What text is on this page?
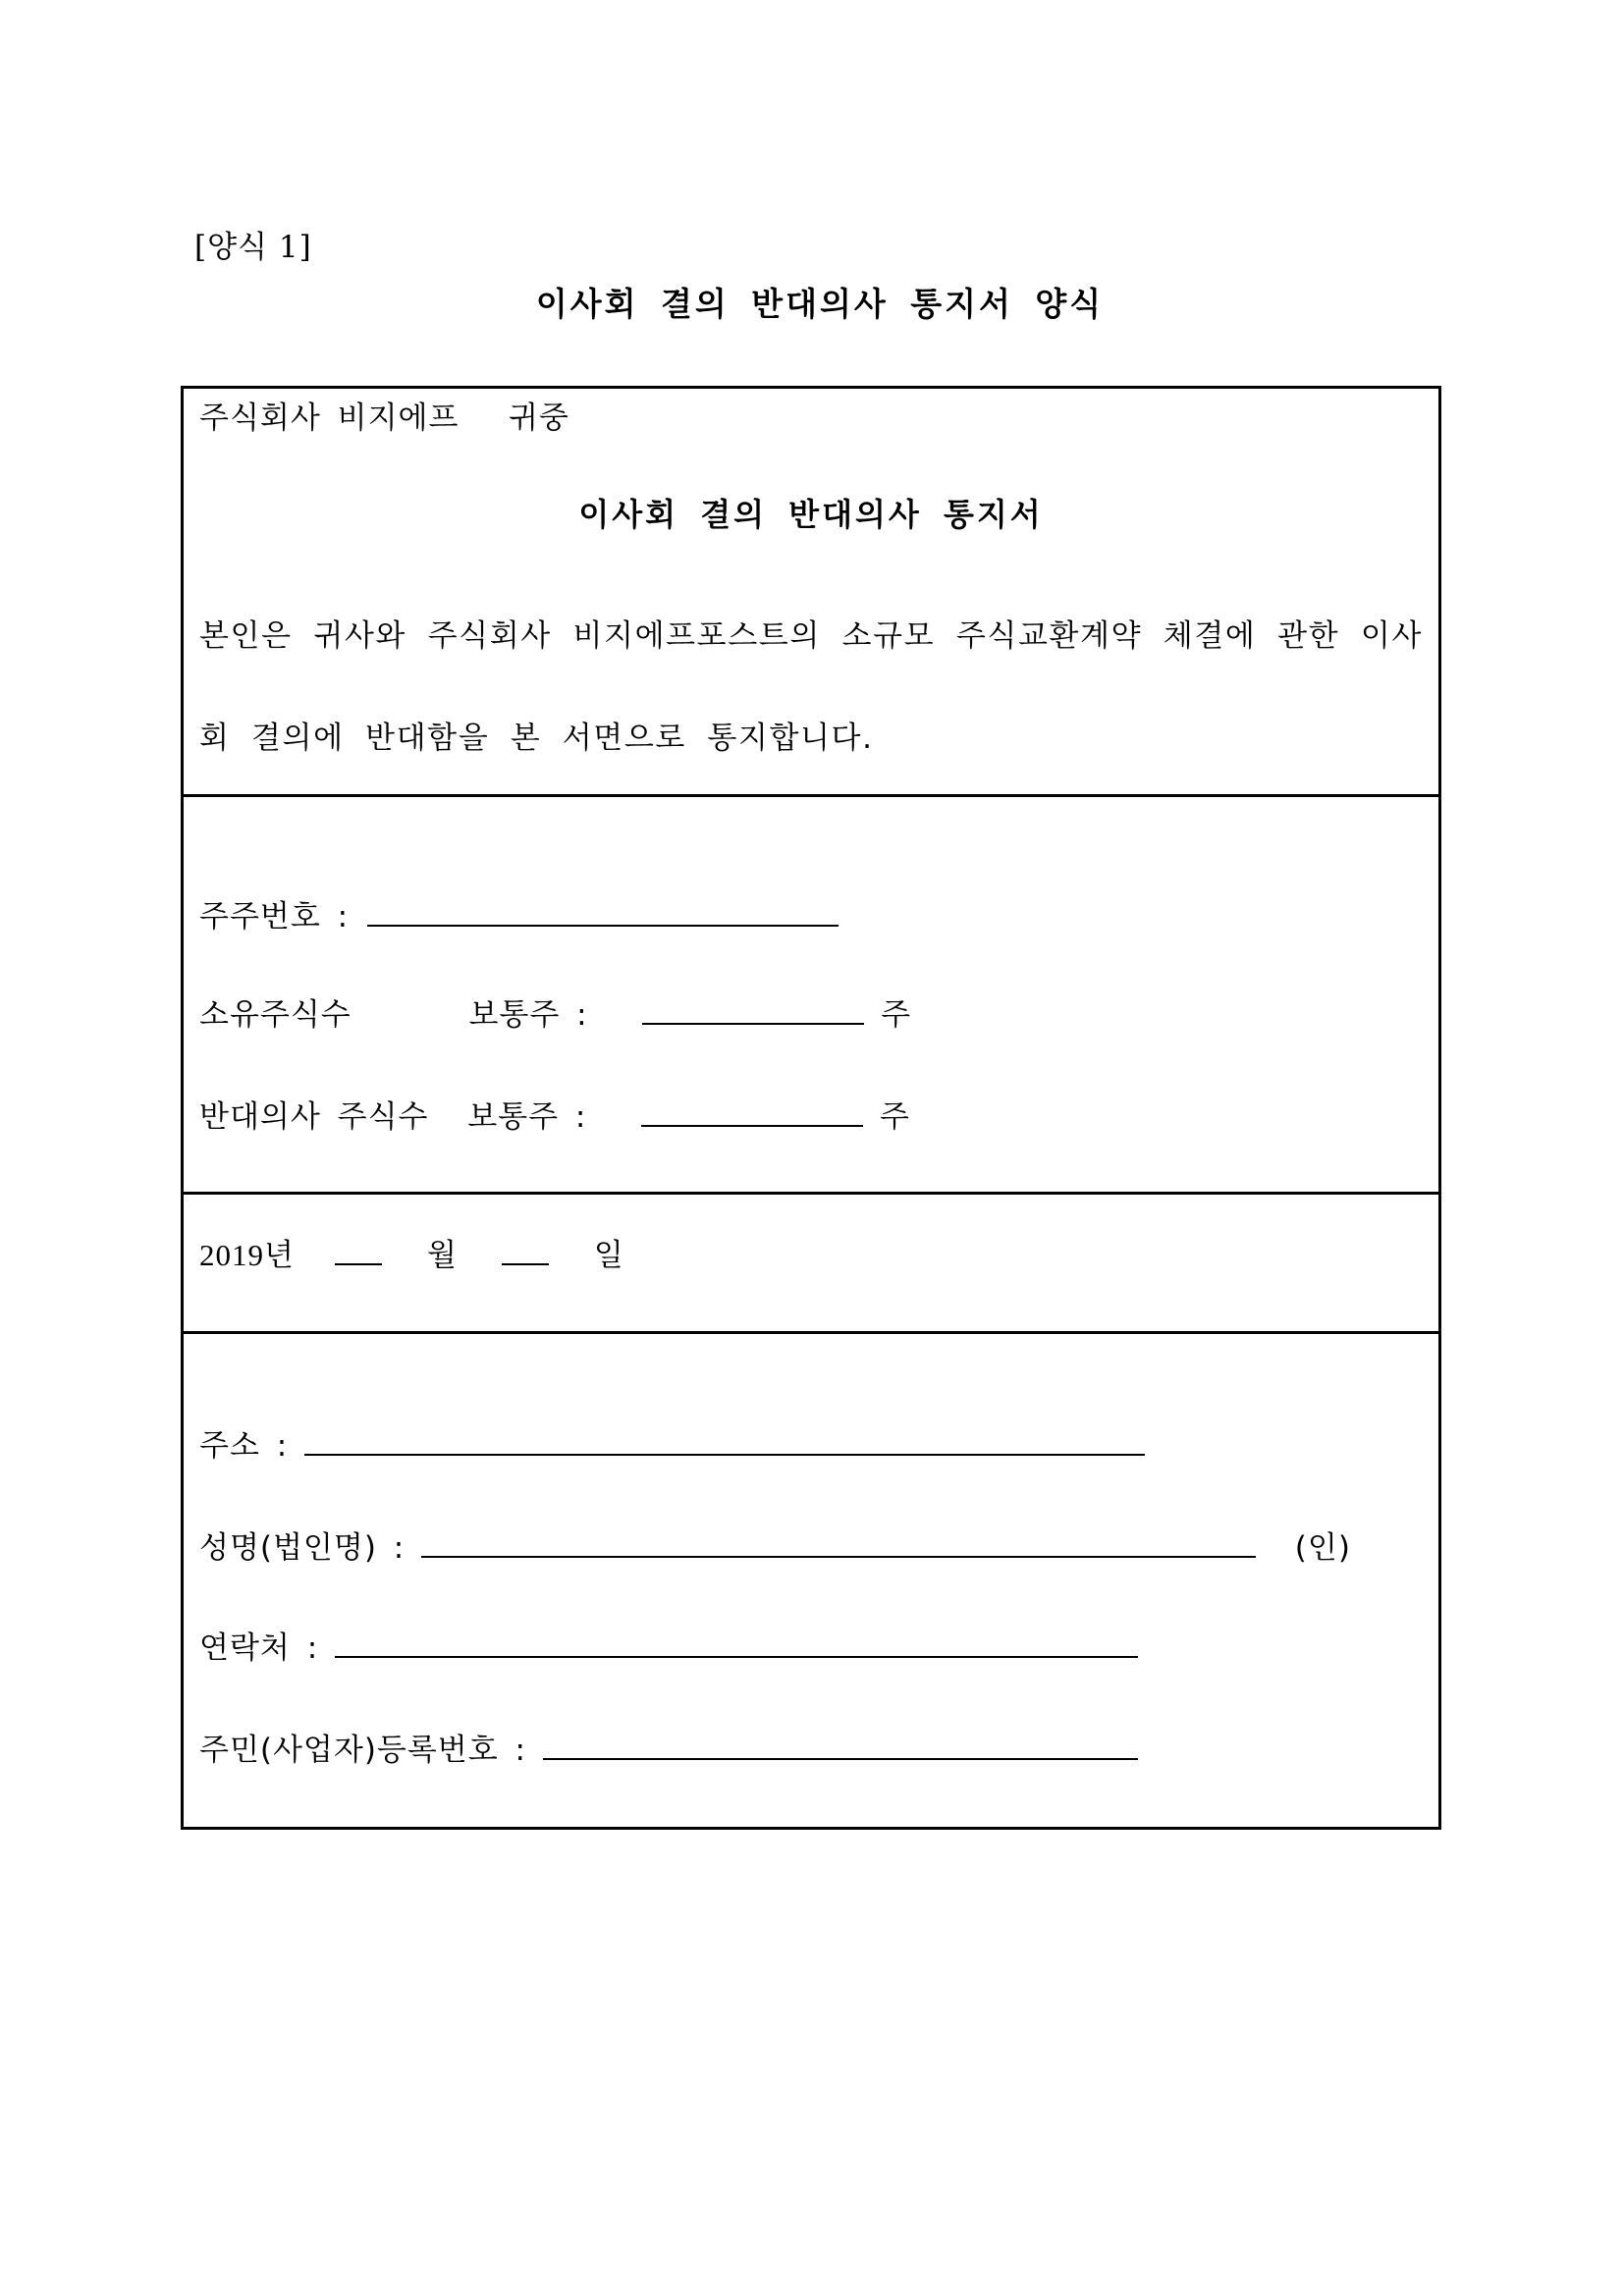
[양식 1]
이사회 결의 반대의사 통지서 양식
주식회사 비지에프   귀중
이사회 결의 반대의사 통지서
본인은 귀사와 주식회사 비지에프포스트의 소규모 주식교환계약 체결에 관한 이사회 결의에 반대함을 본 서면으로 통지합니다.
주주번호 :
소유주식수	보통주 :	주
반대의사 주식수 보통주 :	주
2019년	월	일
주소 :
성명(법인명) :	(인)
연락처 :
주민(사업자)등록번호 :
